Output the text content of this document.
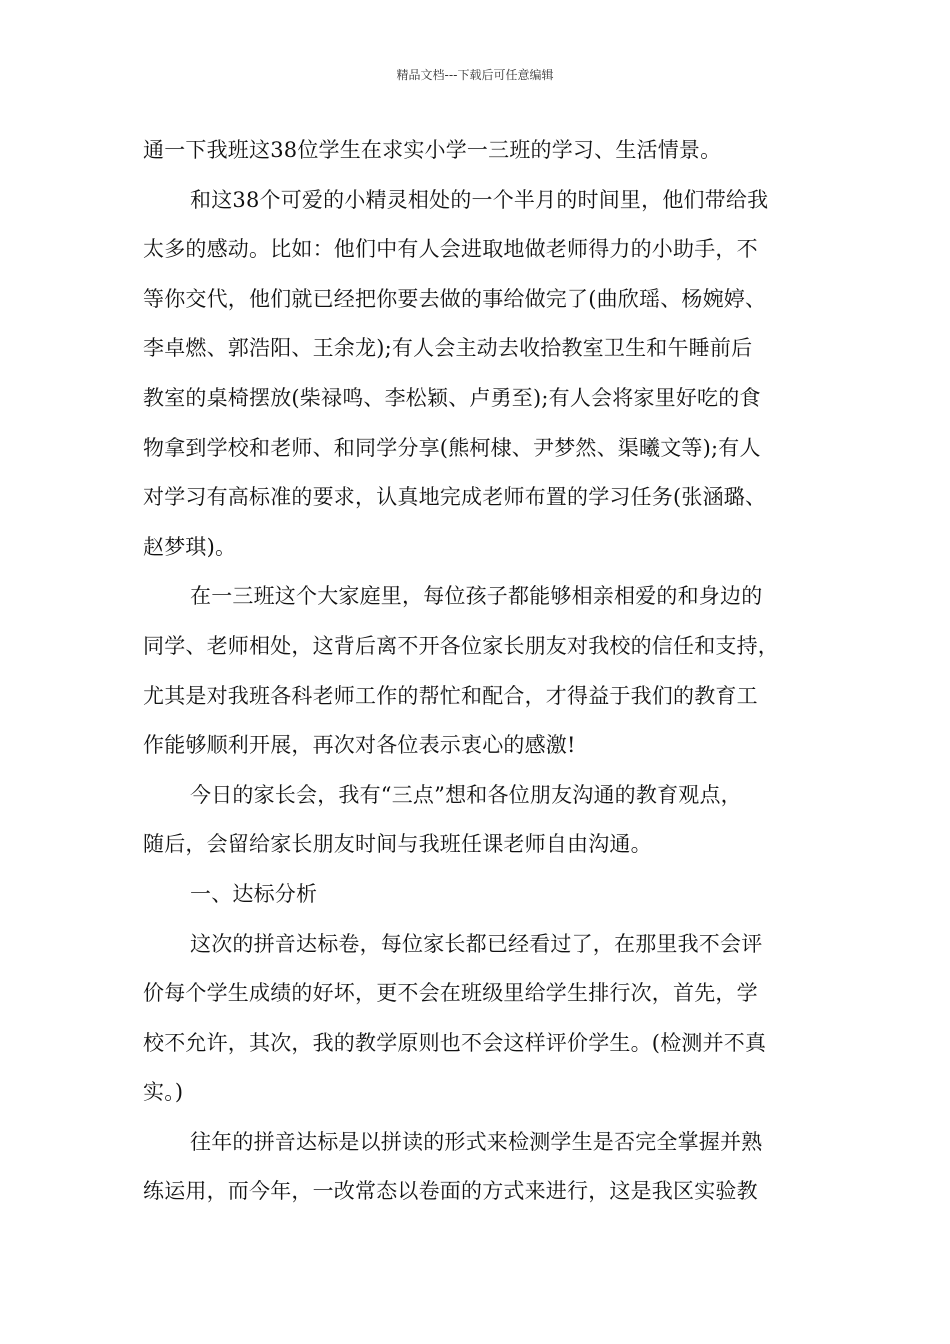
精品文档---下载后可任意编辑
通一下我班这38位学生在求实小学一三班的学习、生活情景。
和这38个可爱的小精灵相处的一个半月的时间里，他们带给我
太多的感动。比如：他们中有人会进取地做老师得力的小助手，不
等你交代，他们就已经把你要去做的事给做完了(曲欣瑶、杨婉婷、
李卓燃、郭浩阳、王余龙);有人会主动去收拾教室卫生和午睡前后
教室的桌椅摆放(柴禄鸣、李松颖、卢勇至);有人会将家里好吃的食
物拿到学校和老师、和同学分享(熊柯棣、尹梦然、渠曦文等);有人
对学习有高标准的要求，认真地完成老师布置的学习任务(张涵璐、
赵梦琪)。
在一三班这个大家庭里，每位孩子都能够相亲相爱的和身边的
同学、老师相处，这背后离不开各位家长朋友对我校的信任和支持，
尤其是对我班各科老师工作的帮忙和配合，才得益于我们的教育工
作能够顺利开展，再次对各位表示衷心的感激!
今日的家长会，我有“三点”想和各位朋友沟通的教育观点，
随后，会留给家长朋友时间与我班任课老师自由沟通。
一、达标分析
这次的拼音达标卷，每位家长都已经看过了，在那里我不会评
价每个学生成绩的好坏，更不会在班级里给学生排行次，首先，学
校不允许，其次，我的教学原则也不会这样评价学生。(检测并不真
实。)
往年的拼音达标是以拼读的形式来检测学生是否完全掌握并熟
练运用，而今年，一改常态以卷面的方式来进行，这是我区实验教
